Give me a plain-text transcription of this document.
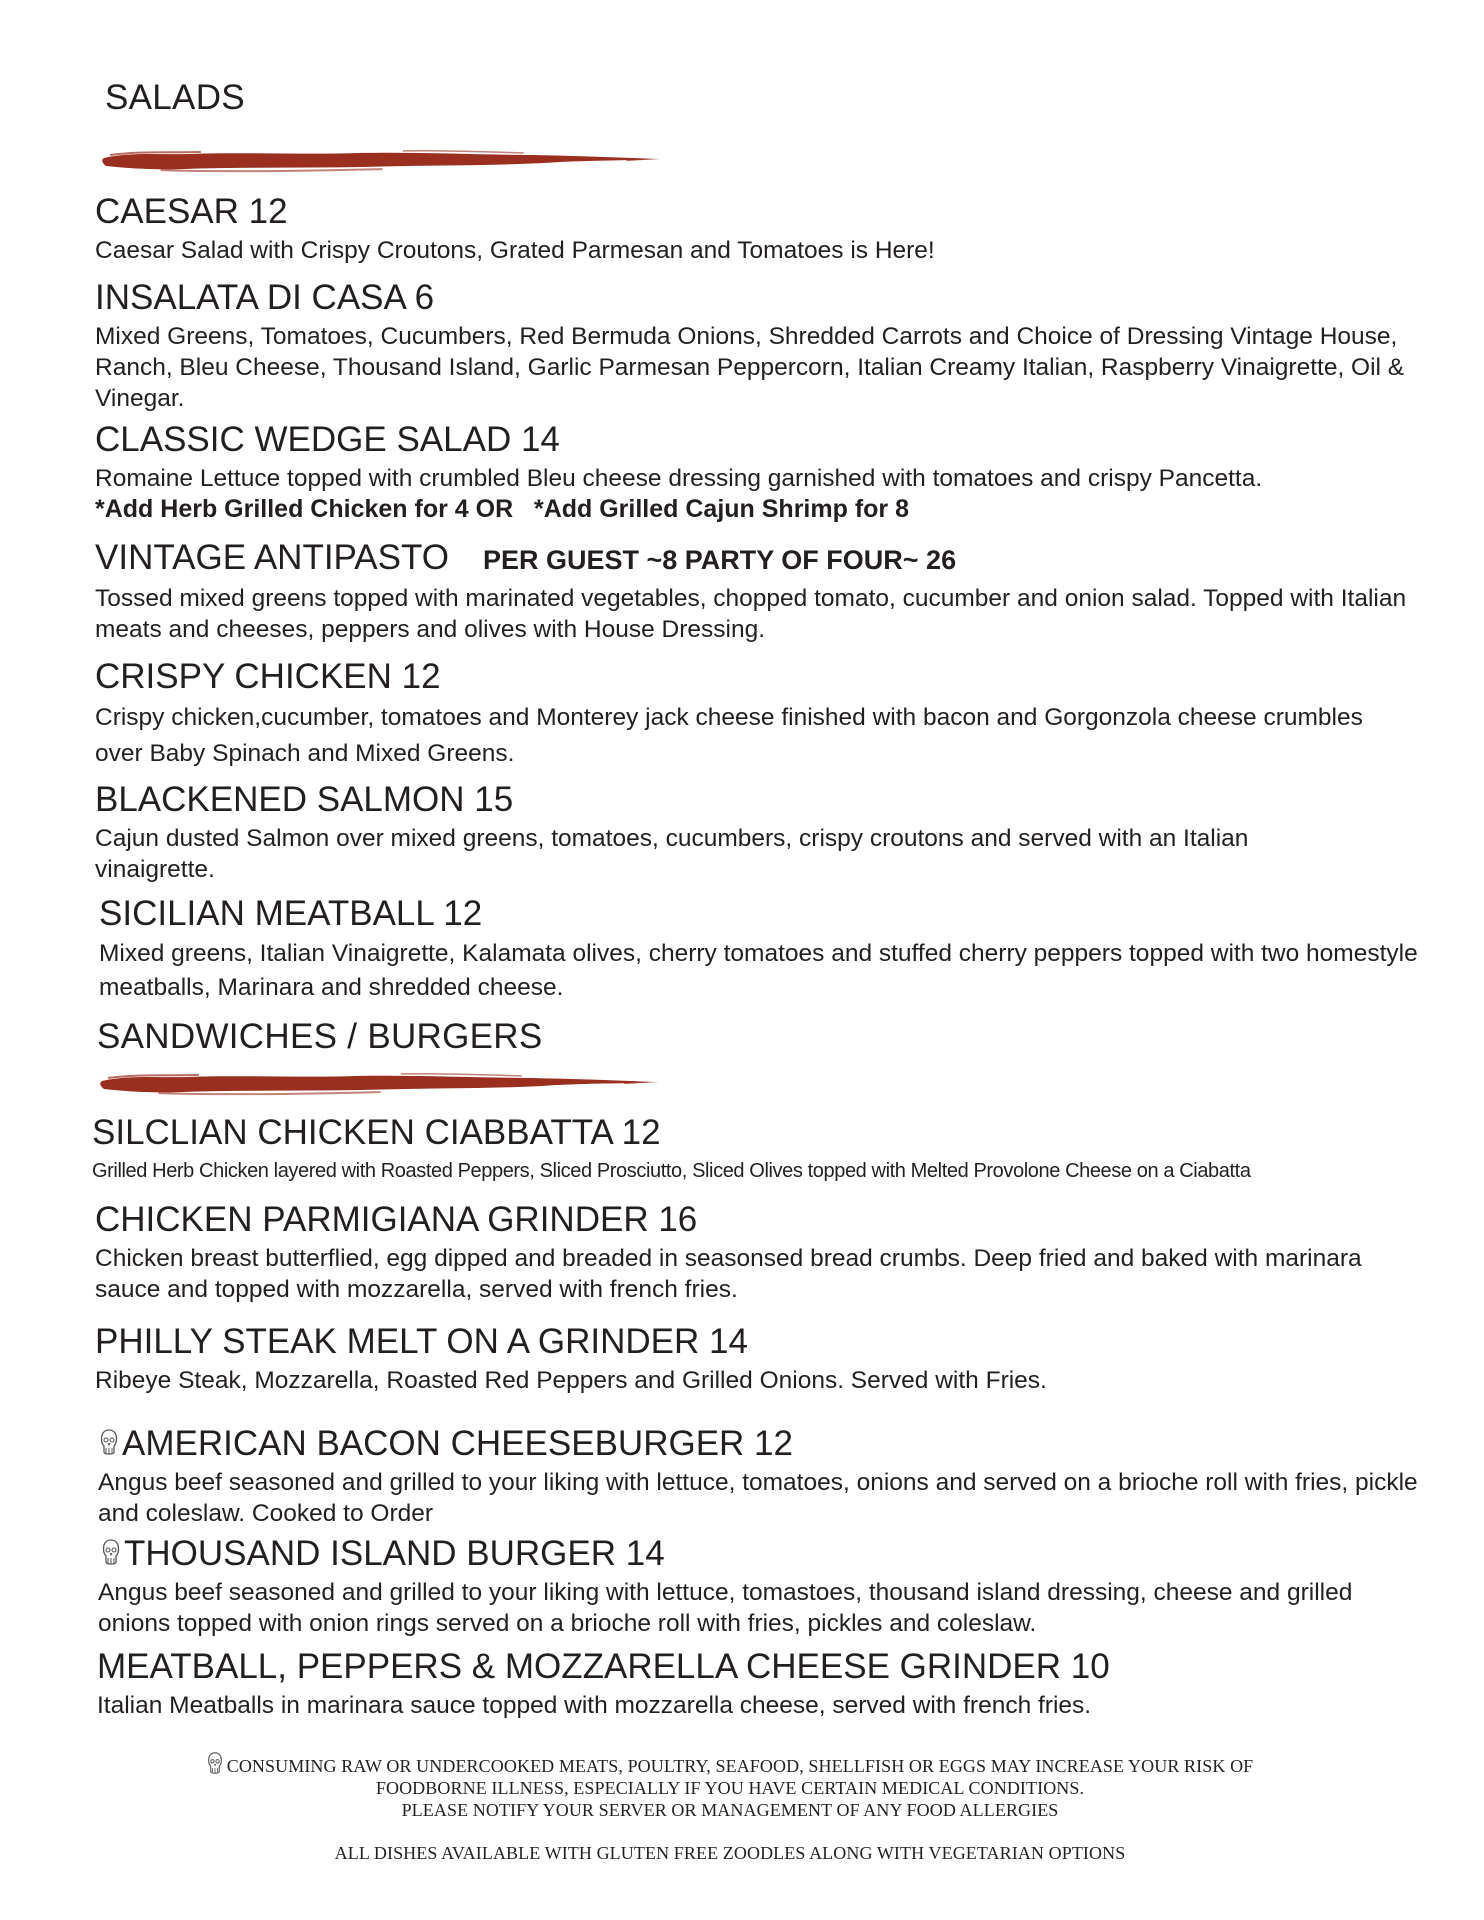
SALADS
CAESAR 12
Caesar Salad with Crispy Croutons, Grated Parmesan and Tomatoes is Here!
INSALATA DI CASA 6
Mixed Greens, Tomatoes, Cucumbers, Red Bermuda Onions, Shredded Carrots and Choice of Dressing Vintage House, Ranch, Bleu Cheese, Thousand Island, Garlic Parmesan Peppercorn, Italian Creamy Italian, Raspberry Vinaigrette, Oil & Vinegar.
CLASSIC WEDGE SALAD 14
Romaine Lettuce topped with crumbled Bleu cheese dressing garnished with tomatoes and crispy Pancetta.
*Add Herb Grilled Chicken for 4 OR   *Add Grilled Cajun Shrimp for 8
VINTAGE ANTIPASTO PER GUEST ~8 PARTY OF FOUR~ 26
Tossed mixed greens topped with marinated vegetables, chopped tomato, cucumber and onion salad. Topped with Italian meats and cheeses, peppers and olives with House Dressing.
CRISPY CHICKEN 12
Crispy chicken,cucumber, tomatoes and Monterey jack cheese finished with bacon and Gorgonzola cheese crumbles over Baby Spinach and Mixed Greens.
BLACKENED SALMON 15
Cajun dusted Salmon over mixed greens, tomatoes, cucumbers, crispy croutons and served with an Italian vinaigrette.
SICILIAN MEATBALL 12
Mixed greens, Italian Vinaigrette, Kalamata olives, cherry tomatoes and stuffed cherry peppers topped with two homestyle meatballs, Marinara and shredded cheese.
SANDWICHES / BURGERS
SILCLIAN CHICKEN CIABBATTA 12
Grilled Herb Chicken layered with Roasted Peppers, Sliced Prosciutto, Sliced Olives topped with Melted Provolone Cheese on a Ciabatta
CHICKEN PARMIGIANA GRINDER 16
Chicken breast butterflied, egg dipped and breaded in seasonsed bread crumbs. Deep fried and baked with marinara sauce and topped with mozzarella, served with french fries.
PHILLY STEAK MELT ON A GRINDER 14
Ribeye Steak, Mozzarella, Roasted Red Peppers and Grilled Onions. Served with Fries.
AMERICAN BACON CHEESEBURGER 12
Angus beef seasoned and grilled to your liking with lettuce, tomatoes, onions and served on a brioche roll with fries, pickle and coleslaw. Cooked to Order
THOUSAND ISLAND BURGER 14
Angus beef seasoned and grilled to your liking with lettuce, tomastoes, thousand island dressing, cheese and grilled onions topped with onion rings served on a brioche roll with fries, pickles and coleslaw.
MEATBALL, PEPPERS & MOZZARELLA CHEESE GRINDER 10
Italian Meatballs in marinara sauce topped with mozzarella cheese, served with french fries.
CONSUMING RAW OR UNDERCOOKED MEATS, POULTRY, SEAFOOD, SHELLFISH OR EGGS MAY INCREASE YOUR RISK OF
FOODBORNE ILLNESS, ESPECIALLY IF YOU HAVE CERTAIN MEDICAL CONDITIONS.
PLEASE NOTIFY YOUR SERVER OR MANAGEMENT OF ANY FOOD ALLERGIES
ALL DISHES AVAILABLE WITH GLUTEN FREE ZOODLES ALONG WITH VEGETARIAN OPTIONS
